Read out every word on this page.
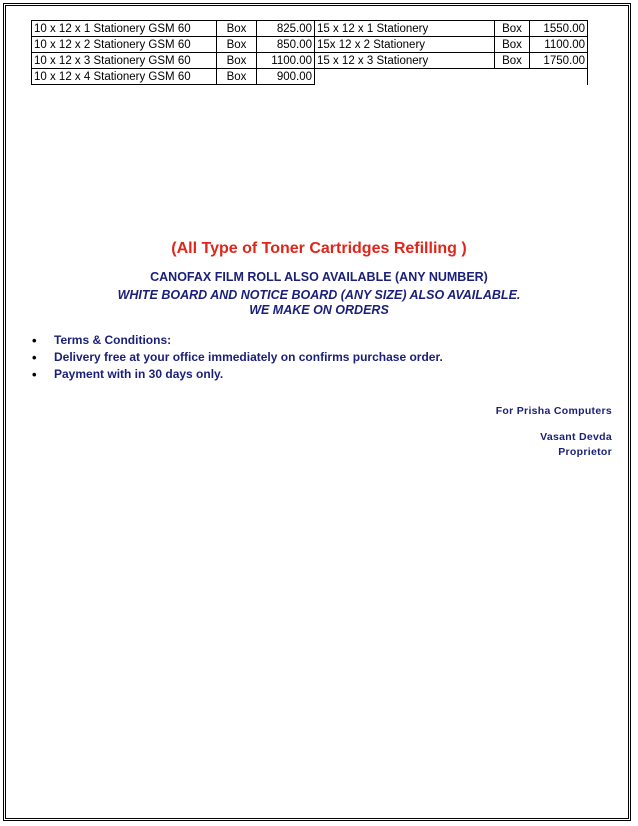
10 x 12 x 1 Stationery GSM 60	Box	825.00	15 x 12 x 1 Stationery	Box	1550.00
10 x 12 x 2 Stationery GSM 60	Box	850.00	15x 12 x 2 Stationery	Box	1100.00
10 x 12 x 3 Stationery GSM 60	Box	1100.00	15 x 12 x 3 Stationery	Box	1750.00
10 x 12 x 4 Stationery GSM 60	Box	900.00			
(All Type of Toner Cartridges Refilling )
CANOFAX FILM ROLL ALSO AVAILABLE (ANY NUMBER)
WHITE BOARD AND NOTICE BOARD (ANY SIZE) ALSO AVAILABLE.
WE MAKE ON ORDERS
• Terms & Conditions:
• Delivery free at your office immediately on confirms purchase order.
• Payment with in 30 days only.
For Prisha Computers
Vasant Devda
Proprietor
